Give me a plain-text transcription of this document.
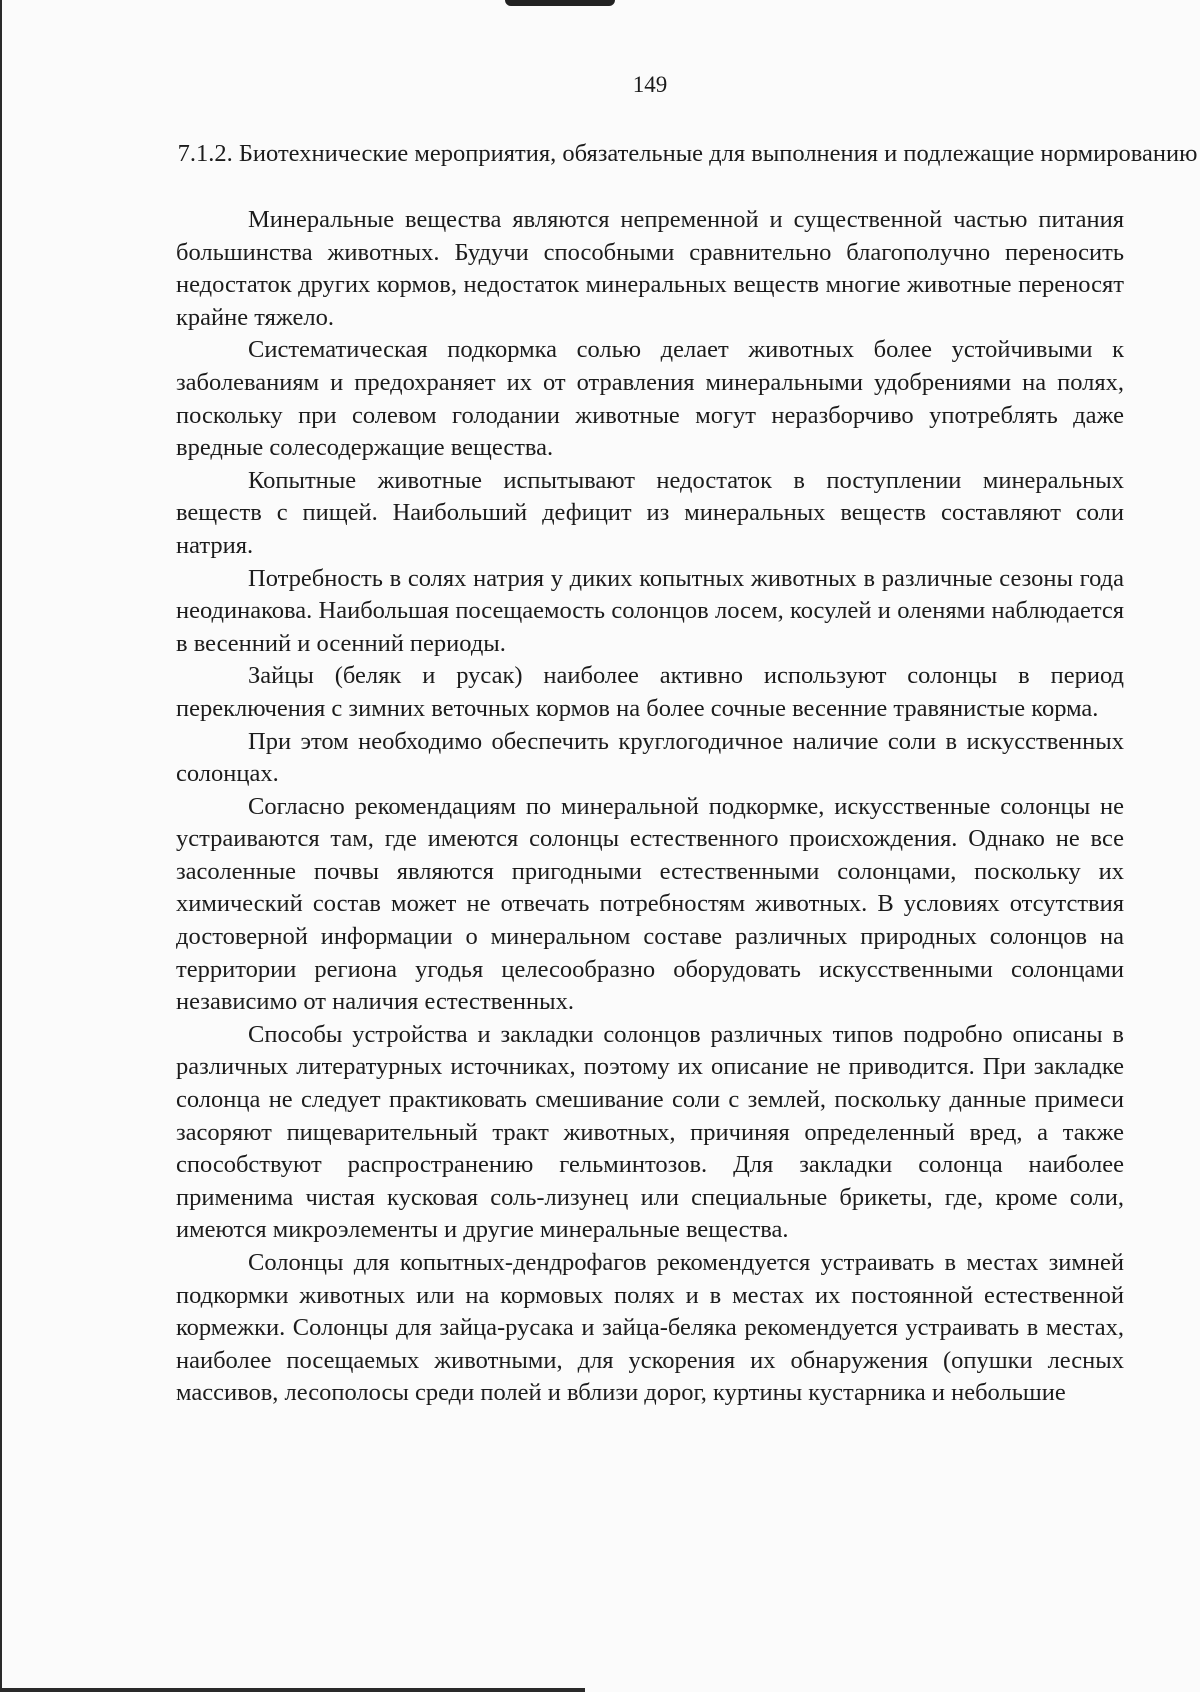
149
7.1.2. Биотехнические мероприятия, обязательные для выполнения и подлежащие нормированию

Минеральные вещества являются непременной и существенной частью питания большинства животных. Будучи способными сравнительно благополучно переносить недостаток других кормов, недостаток минеральных веществ многие животные переносят крайне тяжело.

Систематическая подкормка солью делает животных более устойчивыми к заболеваниям и предохраняет их от отравления минеральными удобрениями на полях, поскольку при солевом голодании животные могут неразборчиво употреблять даже вредные солесодержащие вещества.

Копытные животные испытывают недостаток в поступлении минеральных веществ с пищей. Наибольший дефицит из минеральных веществ составляют соли натрия.

Потребность в солях натрия у диких копытных животных в различные сезоны года неодинакова. Наибольшая посещаемость солонцов лосем, косулей и оленями наблюдается в весенний и осенний периоды.

Зайцы (беляк и русак) наиболее активно используют солонцы в период переключения с зимних веточных кормов на более сочные весенние травянистые корма.

При этом необходимо обеспечить круглогодичное наличие соли в искусственных солонцах.

Согласно рекомендациям по минеральной подкормке, искусственные солонцы не устраиваются там, где имеются солонцы естественного происхождения. Однако не все засоленные почвы являются пригодными естественными солонцами, поскольку их химический состав может не отвечать потребностям животных. В условиях отсутствия достоверной информации о минеральном составе различных природных солонцов на территории региона угодья целесообразно оборудовать искусственными солонцами независимо от наличия естественных.

Способы устройства и закладки солонцов различных типов подробно описаны в различных литературных источниках, поэтому их описание не приводится. При закладке солонца не следует практиковать смешивание соли с землей, поскольку данные примеси засоряют пищеварительный тракт животных, причиняя определенный вред, а также способствуют распространению гельминтозов. Для закладки солонца наиболее применима чистая кусковая соль-лизунец или специальные брикеты, где, кроме соли, имеются микроэлементы и другие минеральные вещества.

Солонцы для копытных-дендрофагов рекомендуется устраивать в местах зимней подкормки животных или на кормовых полях и в местах их постоянной естественной кормежки. Солонцы для зайца-русака и зайца-беляка рекомендуется устраивать в местах, наиболее посещаемых животными, для ускорения их обнаружения (опушки лесных массивов, лесополосы среди полей и вблизи дорог, куртины кустарника и небольшие
